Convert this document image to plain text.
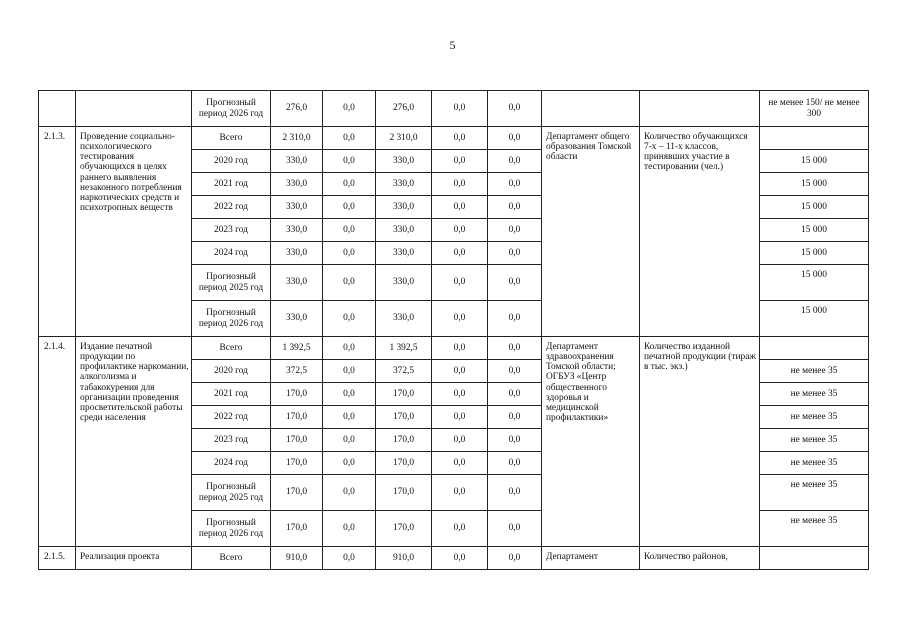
5
		Прогнозный период 2026 год	276,0	0,0	276,0	0,0	0,0			не менее 150/ не менее 300
2.1.3.	Проведение социально-психологического тестирования обучающихся в целях раннего выявления незаконного потребления наркотических средств и психотропных веществ	Всего	2 310,0	0,0	2 310,0	0,0	0,0	Департамент общего образования Томской области	Количество обучающихся 7-х – 11-х классов, принявших участие в тестировании (чел.)	
		2020 год	330,0	0,0	330,0	0,0	0,0			15 000
		2021 год	330,0	0,0	330,0	0,0	0,0			15 000
		2022 год	330,0	0,0	330,0	0,0	0,0			15 000
		2023 год	330,0	0,0	330,0	0,0	0,0			15 000
		2024 год	330,0	0,0	330,0	0,0	0,0			15 000
		Прогнозный период 2025 год	330,0	0,0	330,0	0,0	0,0			15 000
		Прогнозный период 2026 год	330,0	0,0	330,0	0,0	0,0			15 000
2.1.4.	Издание печатной продукции по профилактике наркомании, алкоголизма и табакокурения для организации проведения просветительской работы среди населения	Всего	1 392,5	0,0	1 392,5	0,0	0,0	Департамент здравоохранения Томской области; ОГБУЗ «Центр общественного здоровья и медицинской профилактики»	Количество изданной печатной продукции (тираж в тыс. экз.)	
		2020 год	372,5	0,0	372,5	0,0	0,0			не менее 35
		2021 год	170,0	0,0	170,0	0,0	0,0			не менее 35
		2022 год	170,0	0,0	170,0	0,0	0,0			не менее 35
		2023 год	170,0	0,0	170,0	0,0	0,0			не менее 35
		2024 год	170,0	0,0	170,0	0,0	0,0			не менее 35
		Прогнозный период 2025 год	170,0	0,0	170,0	0,0	0,0			не менее 35
		Прогнозный период 2026 год	170,0	0,0	170,0	0,0	0,0			не менее 35
2.1.5.	Реализация проекта	Всего	910,0	0,0	910,0	0,0	0,0	Департамент	Количество районов,	
